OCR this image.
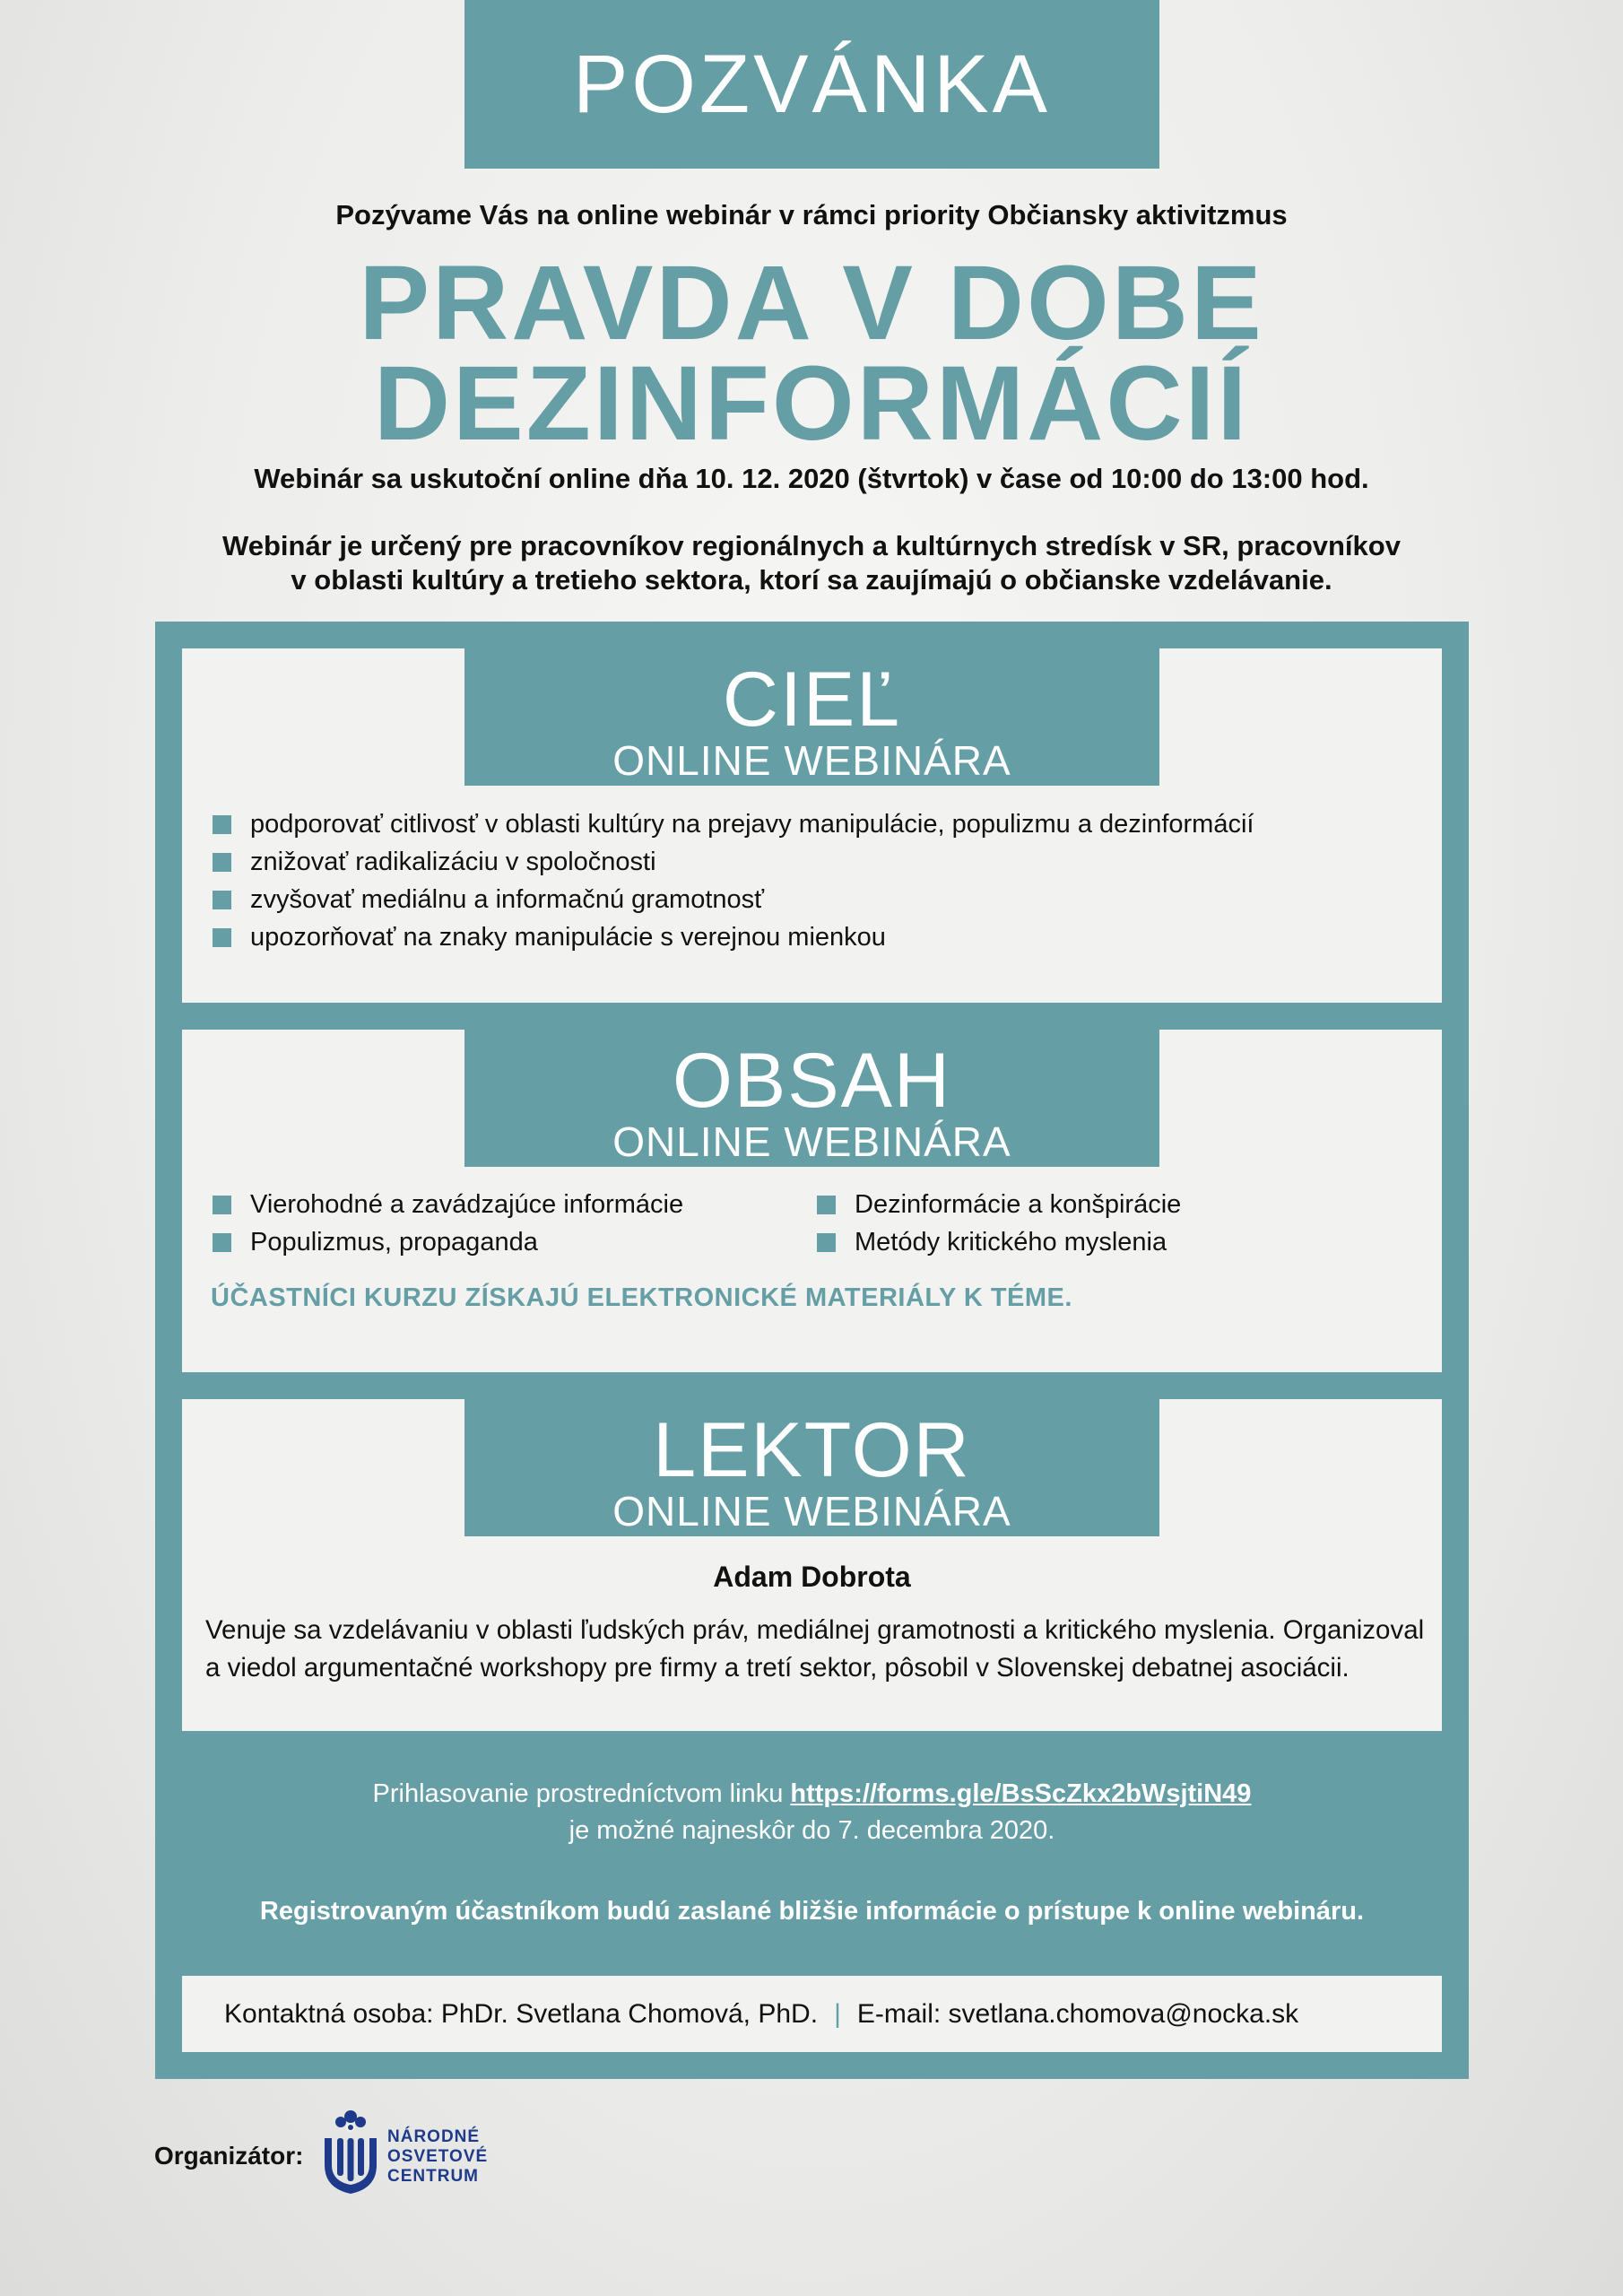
POZVÁNKA
Pozývame Vás na online webinár v rámci priority Občiansky aktivitzmus
PRAVDA V DOBE
DEZINFORMÁCIÍ
Webinár sa uskutoční online dňa 10. 12. 2020 (štvrtok) v čase od 10:00 do 13:00 hod.
Webinár je určený pre pracovníkov regionálnych a kultúrnych stredísk v SR, pracovníkov
v oblasti kultúry a tretieho sektora, ktorí sa zaujímajú o občianske vzdelávanie.
CIEĽ
ONLINE WEBINÁRA
podporovať citlivosť v oblasti kultúry na prejavy manipulácie, populizmu a dezinformácií
znižovať radikalizáciu v spoločnosti
zvyšovať mediálnu a informačnú gramotnosť
upozorňovať na znaky manipulácie s verejnou mienkou
OBSAH
ONLINE WEBINÁRA
Vierohodné a zavádzajúce informácie
Populizmus, propaganda
Dezinformácie a konšpirácie
Metódy kritického myslenia
ÚČASTNÍCI KURZU ZÍSKAJÚ ELEKTRONICKÉ MATERIÁLY K TÉME.
LEKTOR
ONLINE WEBINÁRA
Adam Dobrota
Venuje sa vzdelávaniu v oblasti ľudských práv, mediálnej gramotnosti a kritického myslenia. Organizoval
a viedol argumentačné workshopy pre firmy a tretí sektor, pôsobil v Slovenskej debatnej asociácii.
Prihlasovanie prostredníctvom linku https://forms.gle/BsScZkx2bWsjtiN49
je možné najneskôr do 7. decembra 2020.
Registrovaným účastníkom budú zaslané bližšie informácie o prístupe k online webináru.
Kontaktná osoba: PhDr. Svetlana Chomová, PhD. | E-mail: svetlana.chomova@nocka.sk
Organizátor:
NÁRODNÉ
OSVETOVÉ
CENTRUM
